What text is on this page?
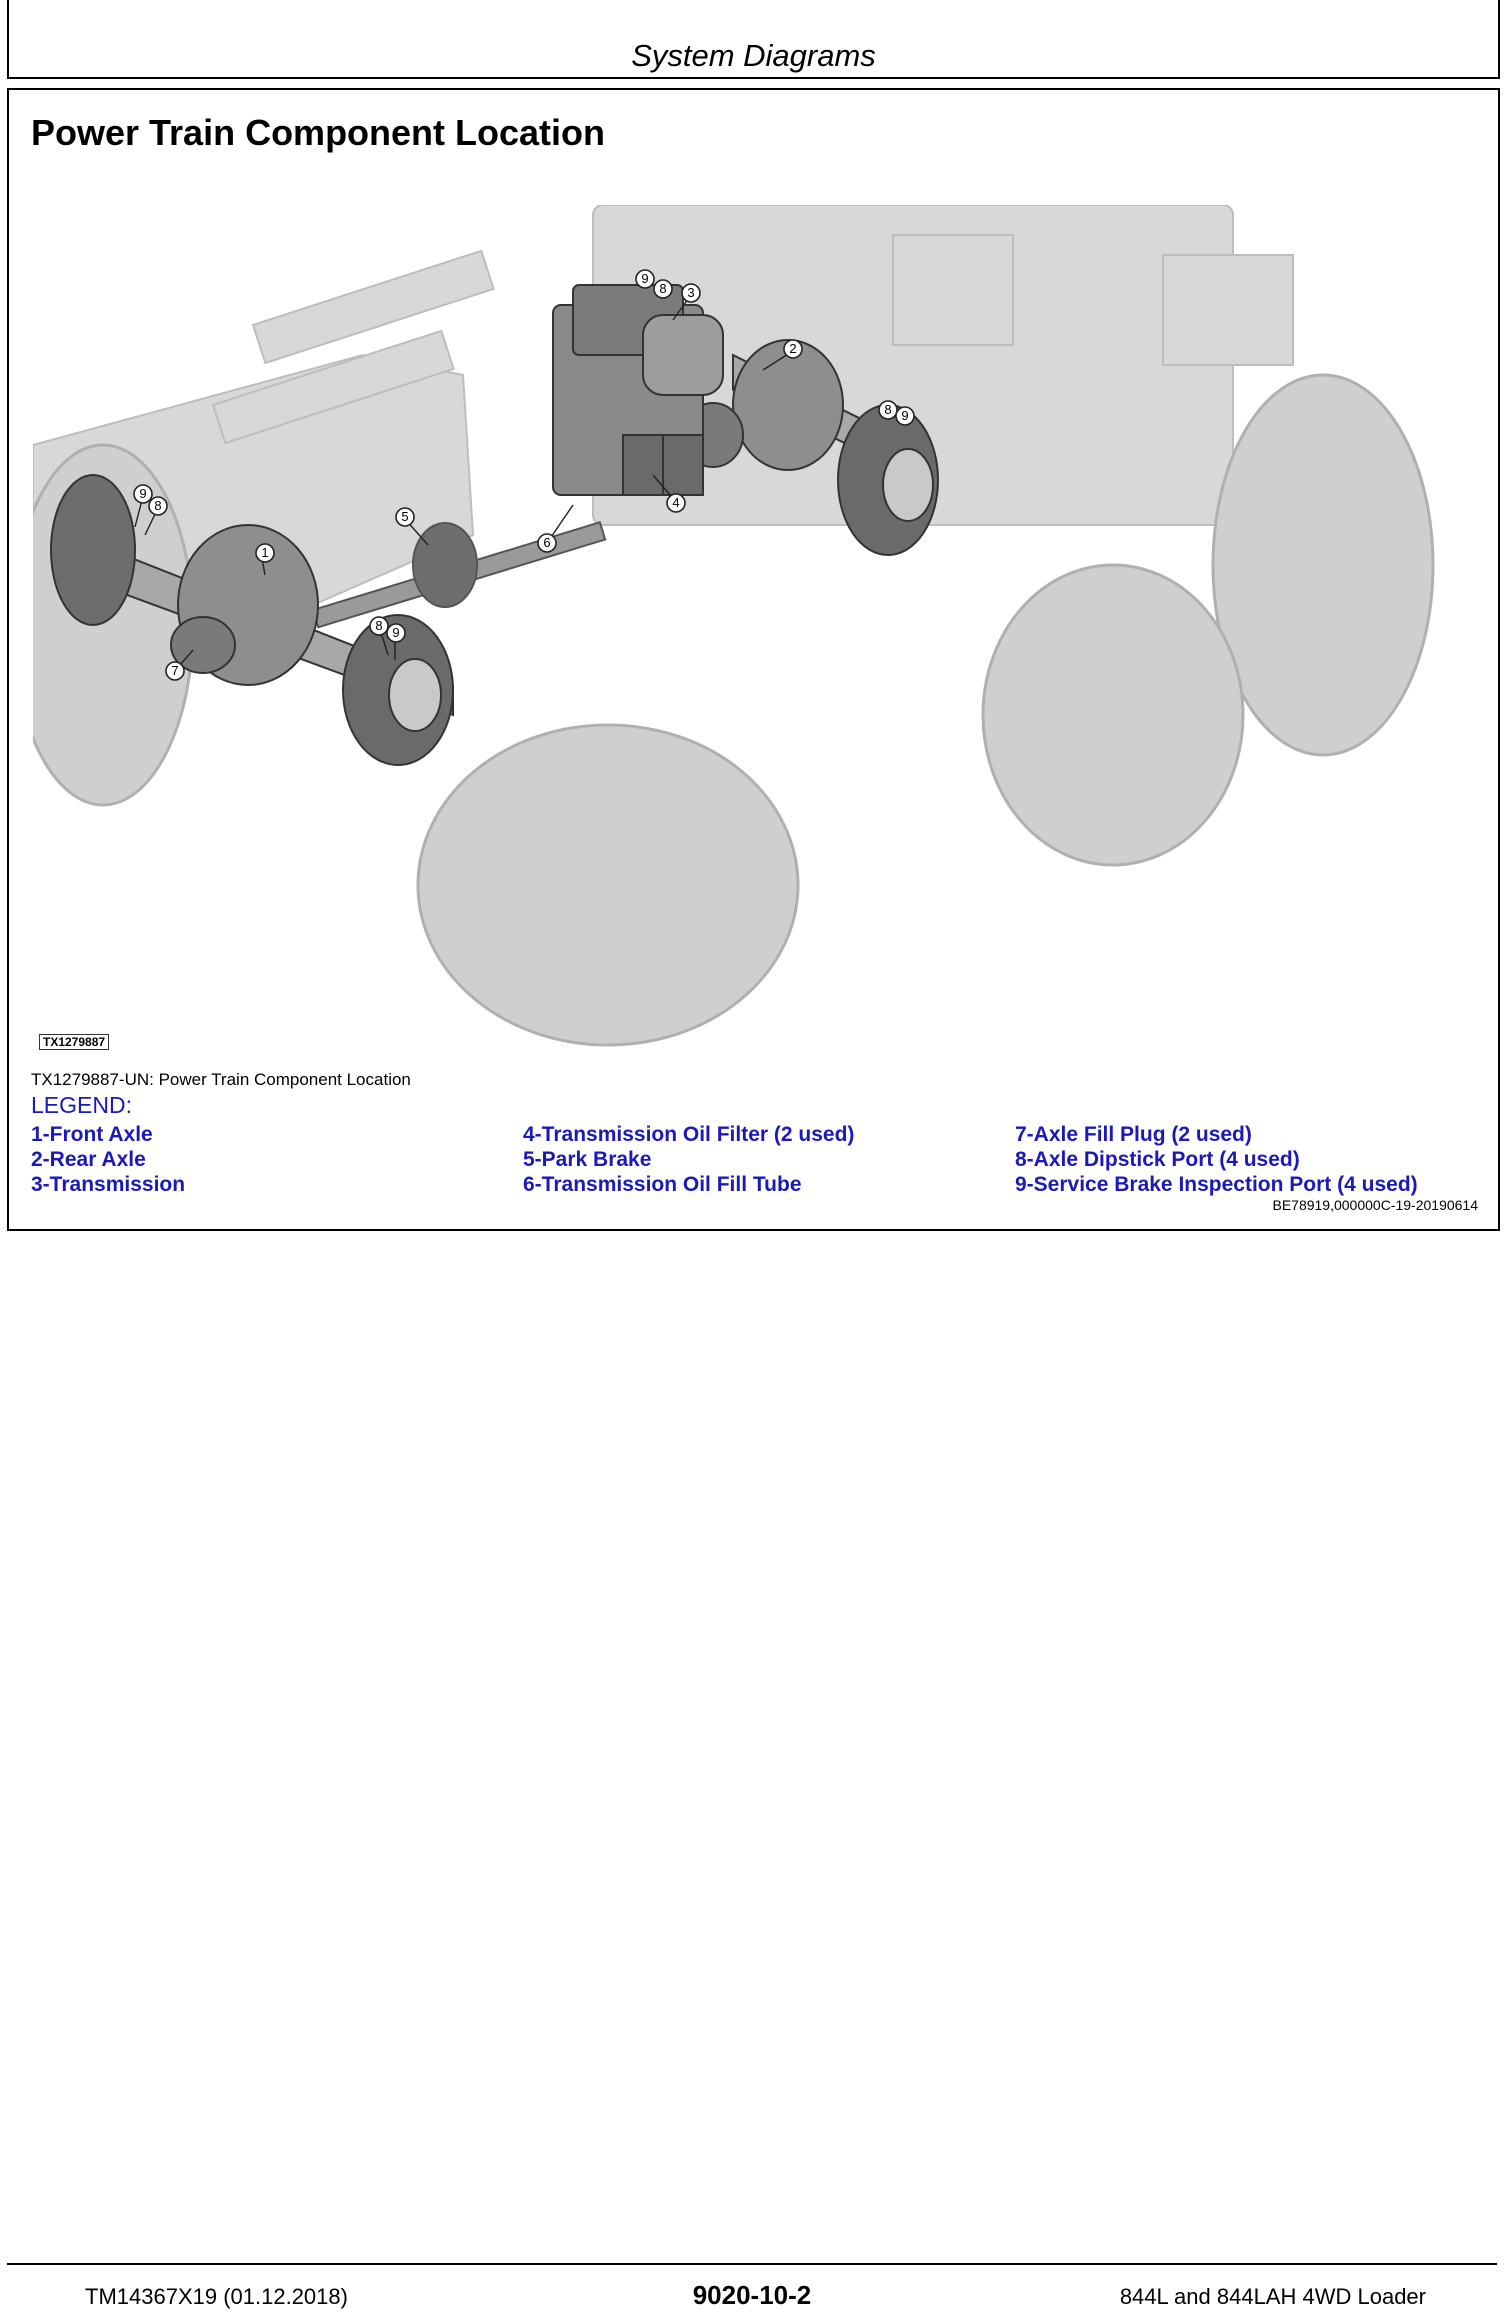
System Diagrams
Power Train Component Location
1
2
3
4
5
6
7
8 9
8
9
9
8
8 9
TX1279887
TX1279887-UN: Power Train Component Location
LEGEND:
1-Front Axle
2-Rear Axle
3-Transmission
4-Transmission Oil Filter (2 used)
5-Park Brake
6-Transmission Oil Fill Tube
7-Axle Fill Plug (2 used)
8-Axle Dipstick Port (4 used)
9-Service Brake Inspection Port (4 used)
BE78919,000000C-19-20190614
TM14367X19 (01.12.2018)	9020-10-2	844L and 844LAH 4WD Loader
